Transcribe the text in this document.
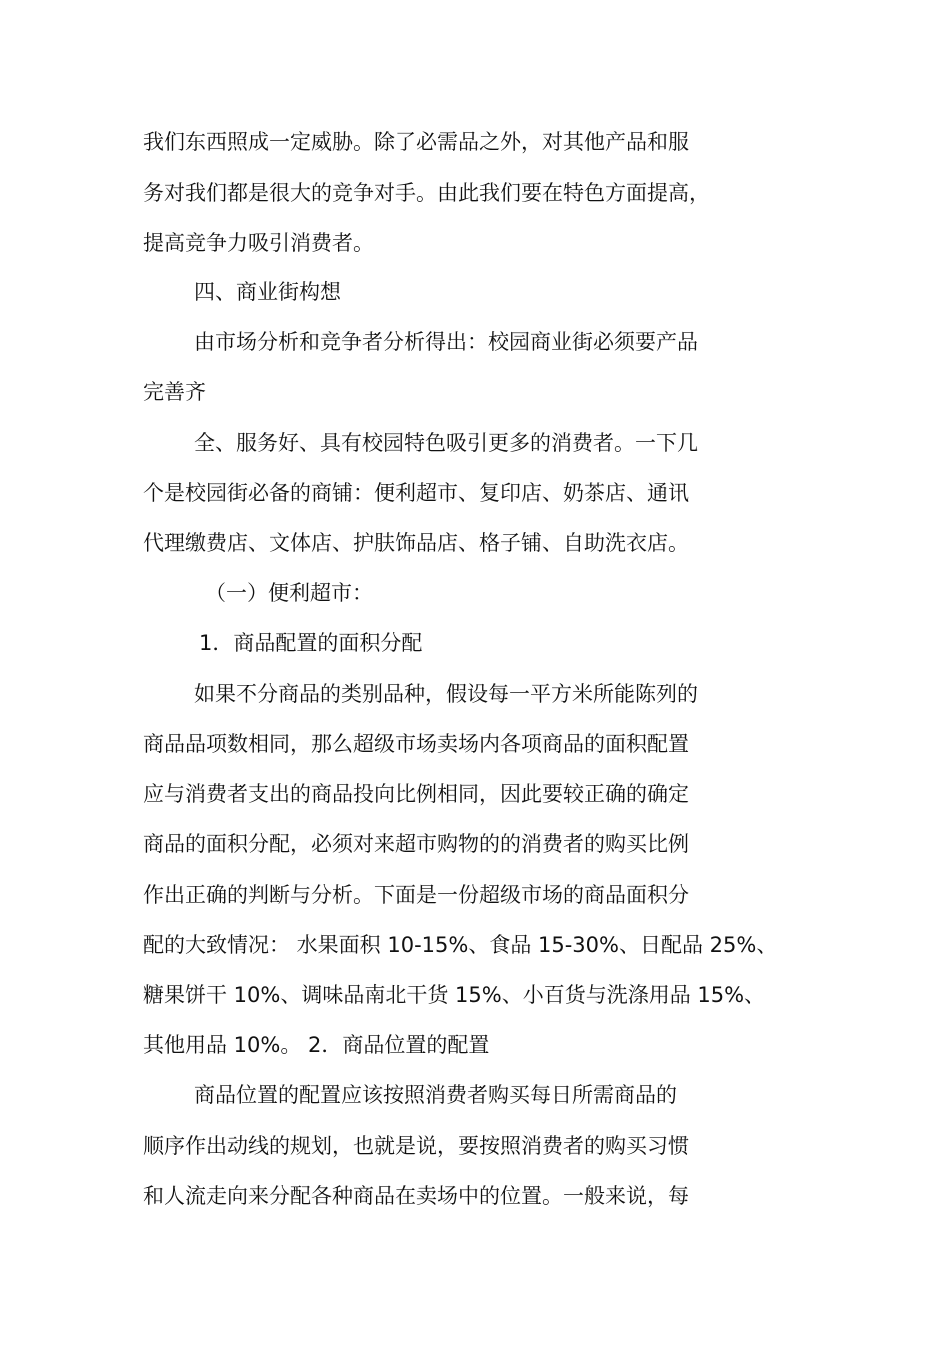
我们东西照成一定威胁。除了必需品之外，对其他产品和服
务对我们都是很大的竞争对手。由此我们要在特色方面提高，
提高竞争力吸引消费者。
四、商业街构想
由市场分析和竞争者分析得出：校园商业街必须要产品
完善齐
全、服务好、具有校园特色吸引更多的消费者。一下几
个是校园街必备的商铺：便利超市、复印店、奶茶店、通讯
代理缴费店、文体店、护肤饰品店、格子铺、自助洗衣店。
（一）便利超市：
1．商品配置的面积分配
如果不分商品的类别品种，假设每一平方米所能陈列的
商品品项数相同，那么超级市场卖场内各项商品的面积配置
应与消费者支出的商品投向比例相同，因此要较正确的确定
商品的面积分配，必须对来超市购物的的消费者的购买比例
作出正确的判断与分析。下面是一份超级市场的商品面积分
配的大致情况： 水果面积 10-15%、食品 15-30%、日配品 25%、
糖果饼干 10%、调味品南北干货 15%、小百货与洗涤用品 15%、
其他用品 10%。 2．商品位置的配置
商品位置的配置应该按照消费者购买每日所需商品的
顺序作出动线的规划，也就是说，要按照消费者的购买习惯
和人流走向来分配各种商品在卖场中的位置。一般来说，每
